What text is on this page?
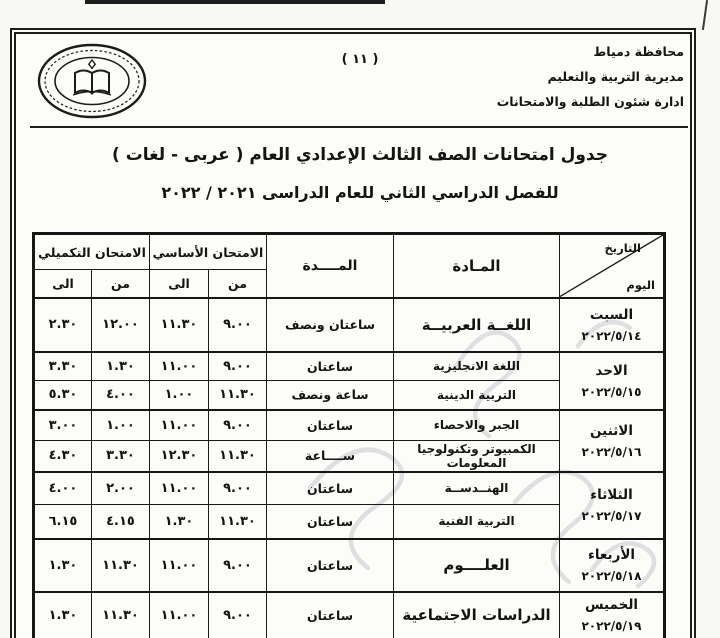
( ١١ )
محافظة دمياط
مديرية التربية والتعليم
ادارة شئون الطلبة والامتحانات
جدول امتحانات الصف الثالث الإعدادي العام ( عربى - لغات )
للفصل الدراسي الثاني للعام الدراسى ٢٠٢١ / ٢٠٢٢
التاريخ
اليوم	المـادة	المــــدة	الامتحان الأساسي		الامتحان التكميلي	
			من	الى	من	الى

السبت
٢٠٢٢/٥/١٤	اللغــة العربيــة	ساعتان ونصف	٩.٠٠	١١.٣٠	١٢.٠٠	٢.٣٠

الاحد
٢٠٢٢/٥/١٥	اللغة الانجليزية	ساعتان	٩.٠٠	١١.٠٠	١.٣٠	٣.٣٠
	التربية الدينية	ساعة ونصف	١١.٣٠	١.٠٠	٤.٠٠	٥.٣٠

الاثنين
٢٠٢٢/٥/١٦	الجبر والاحصاء	ساعتان	٩.٠٠	١١.٠٠	١.٠٠	٣.٠٠
	الكمبيوتر وتكنولوجيا المعلومات	ســــاعة	١١.٣٠	١٢.٣٠	٣.٣٠	٤.٣٠

الثلاثاء
٢٠٢٢/٥/١٧	الهنــدســة	ساعتان	٩.٠٠	١١.٠٠	٢.٠٠	٤.٠٠
	التربية الفنية	ساعتان	١١.٣٠	١.٣٠	٤.١٥	٦.١٥

الأربعاء
٢٠٢٢/٥/١٨	العلــــوم	ساعتان	٩.٠٠	١١.٠٠	١١.٣٠	١.٣٠

الخميس
٢٠٢٢/٥/١٩	الدراسات الاجتماعية	ساعتان	٩.٠٠	١١.٠٠	١١.٣٠	١.٣٠
